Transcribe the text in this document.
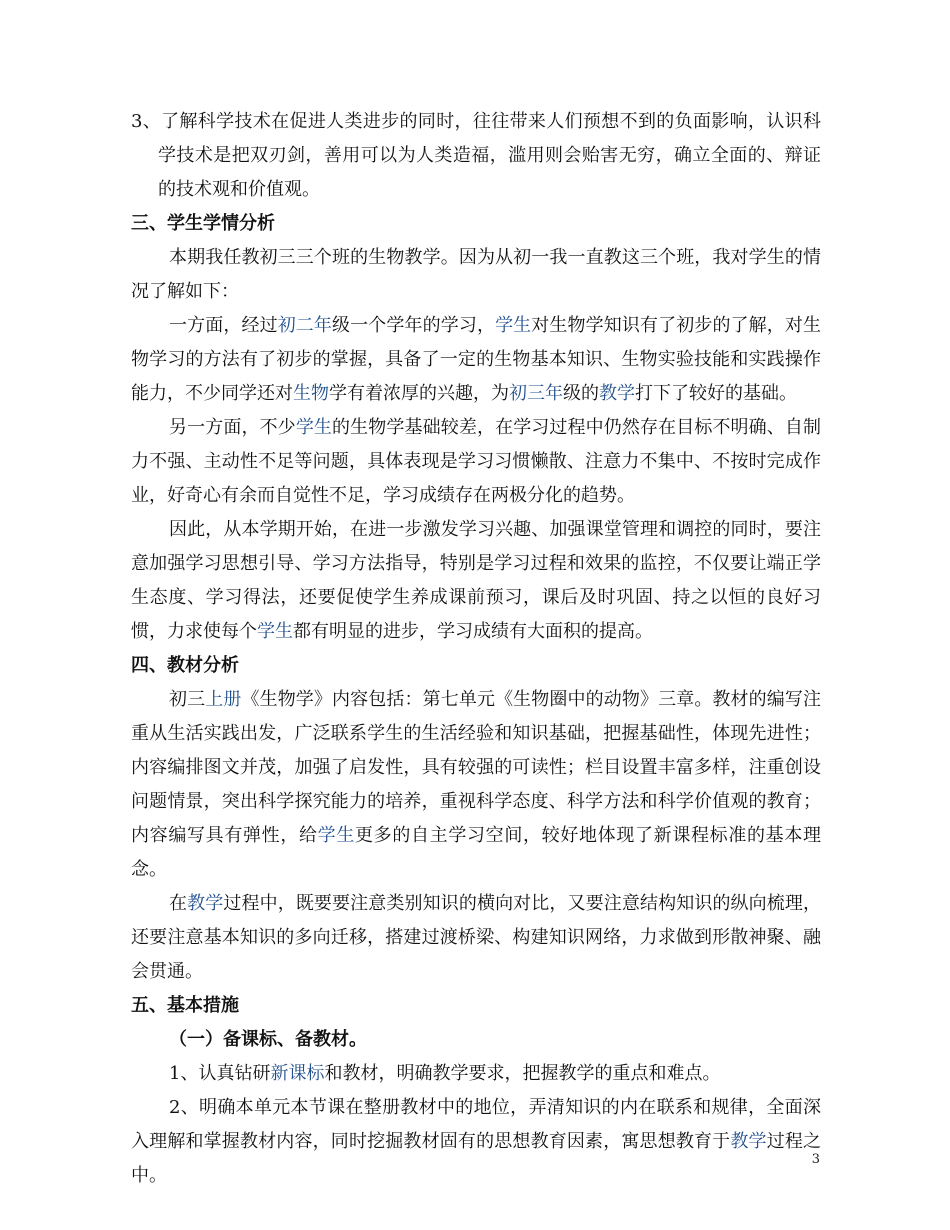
3、了解科学技术在促进人类进步的同时，往往带来人们预想不到的负面影响，认识科学技术是把双刃剑，善用可以为人类造福，滥用则会贻害无穷，确立全面的、辩证的技术观和价值观。

三、学生学情分析

本期我任教初三三个班的生物教学。因为从初一我一直教这三个班，我对学生的情况了解如下：

一方面，经过初二年级一个学年的学习，学生对生物学知识有了初步的了解，对生物学习的方法有了初步的掌握，具备了一定的生物基本知识、生物实验技能和实践操作能力，不少同学还对生物学有着浓厚的兴趣，为初三年级的教学打下了较好的基础。

另一方面，不少学生的生物学基础较差，在学习过程中仍然存在目标不明确、自制力不强、主动性不足等问题，具体表现是学习习惯懒散、注意力不集中、不按时完成作业，好奇心有余而自觉性不足，学习成绩存在两极分化的趋势。

因此，从本学期开始，在进一步激发学习兴趣、加强课堂管理和调控的同时，要注意加强学习思想引导、学习方法指导，特别是学习过程和效果的监控，不仅要让端正学生态度、学习得法，还要促使学生养成课前预习，课后及时巩固、持之以恒的良好习惯，力求使每个学生都有明显的进步，学习成绩有大面积的提高。

四、教材分析

初三上册《生物学》内容包括：第七单元《生物圈中的动物》三章。教材的编写注重从生活实践出发，广泛联系学生的生活经验和知识基础，把握基础性，体现先进性；内容编排图文并茂，加强了启发性，具有较强的可读性；栏目设置丰富多样，注重创设问题情景，突出科学探究能力的培养，重视科学态度、科学方法和科学价值观的教育；内容编写具有弹性，给学生更多的自主学习空间，较好地体现了新课程标准的基本理念。

在教学过程中，既要要注意类别知识的横向对比，又要注意结构知识的纵向梳理，还要注意基本知识的多向迁移，搭建过渡桥梁、构建知识网络，力求做到形散神聚、融会贯通。

五、基本措施

（一）备课标、备教材。

1、认真钻研新课标和教材，明确教学要求，把握教学的重点和难点。

2、明确本单元本节课在整册教材中的地位，弄清知识的内在联系和规律，全面深入理解和掌握教材内容，同时挖掘教材固有的思想教育因素，寓思想教育于教学过程之中。

3
